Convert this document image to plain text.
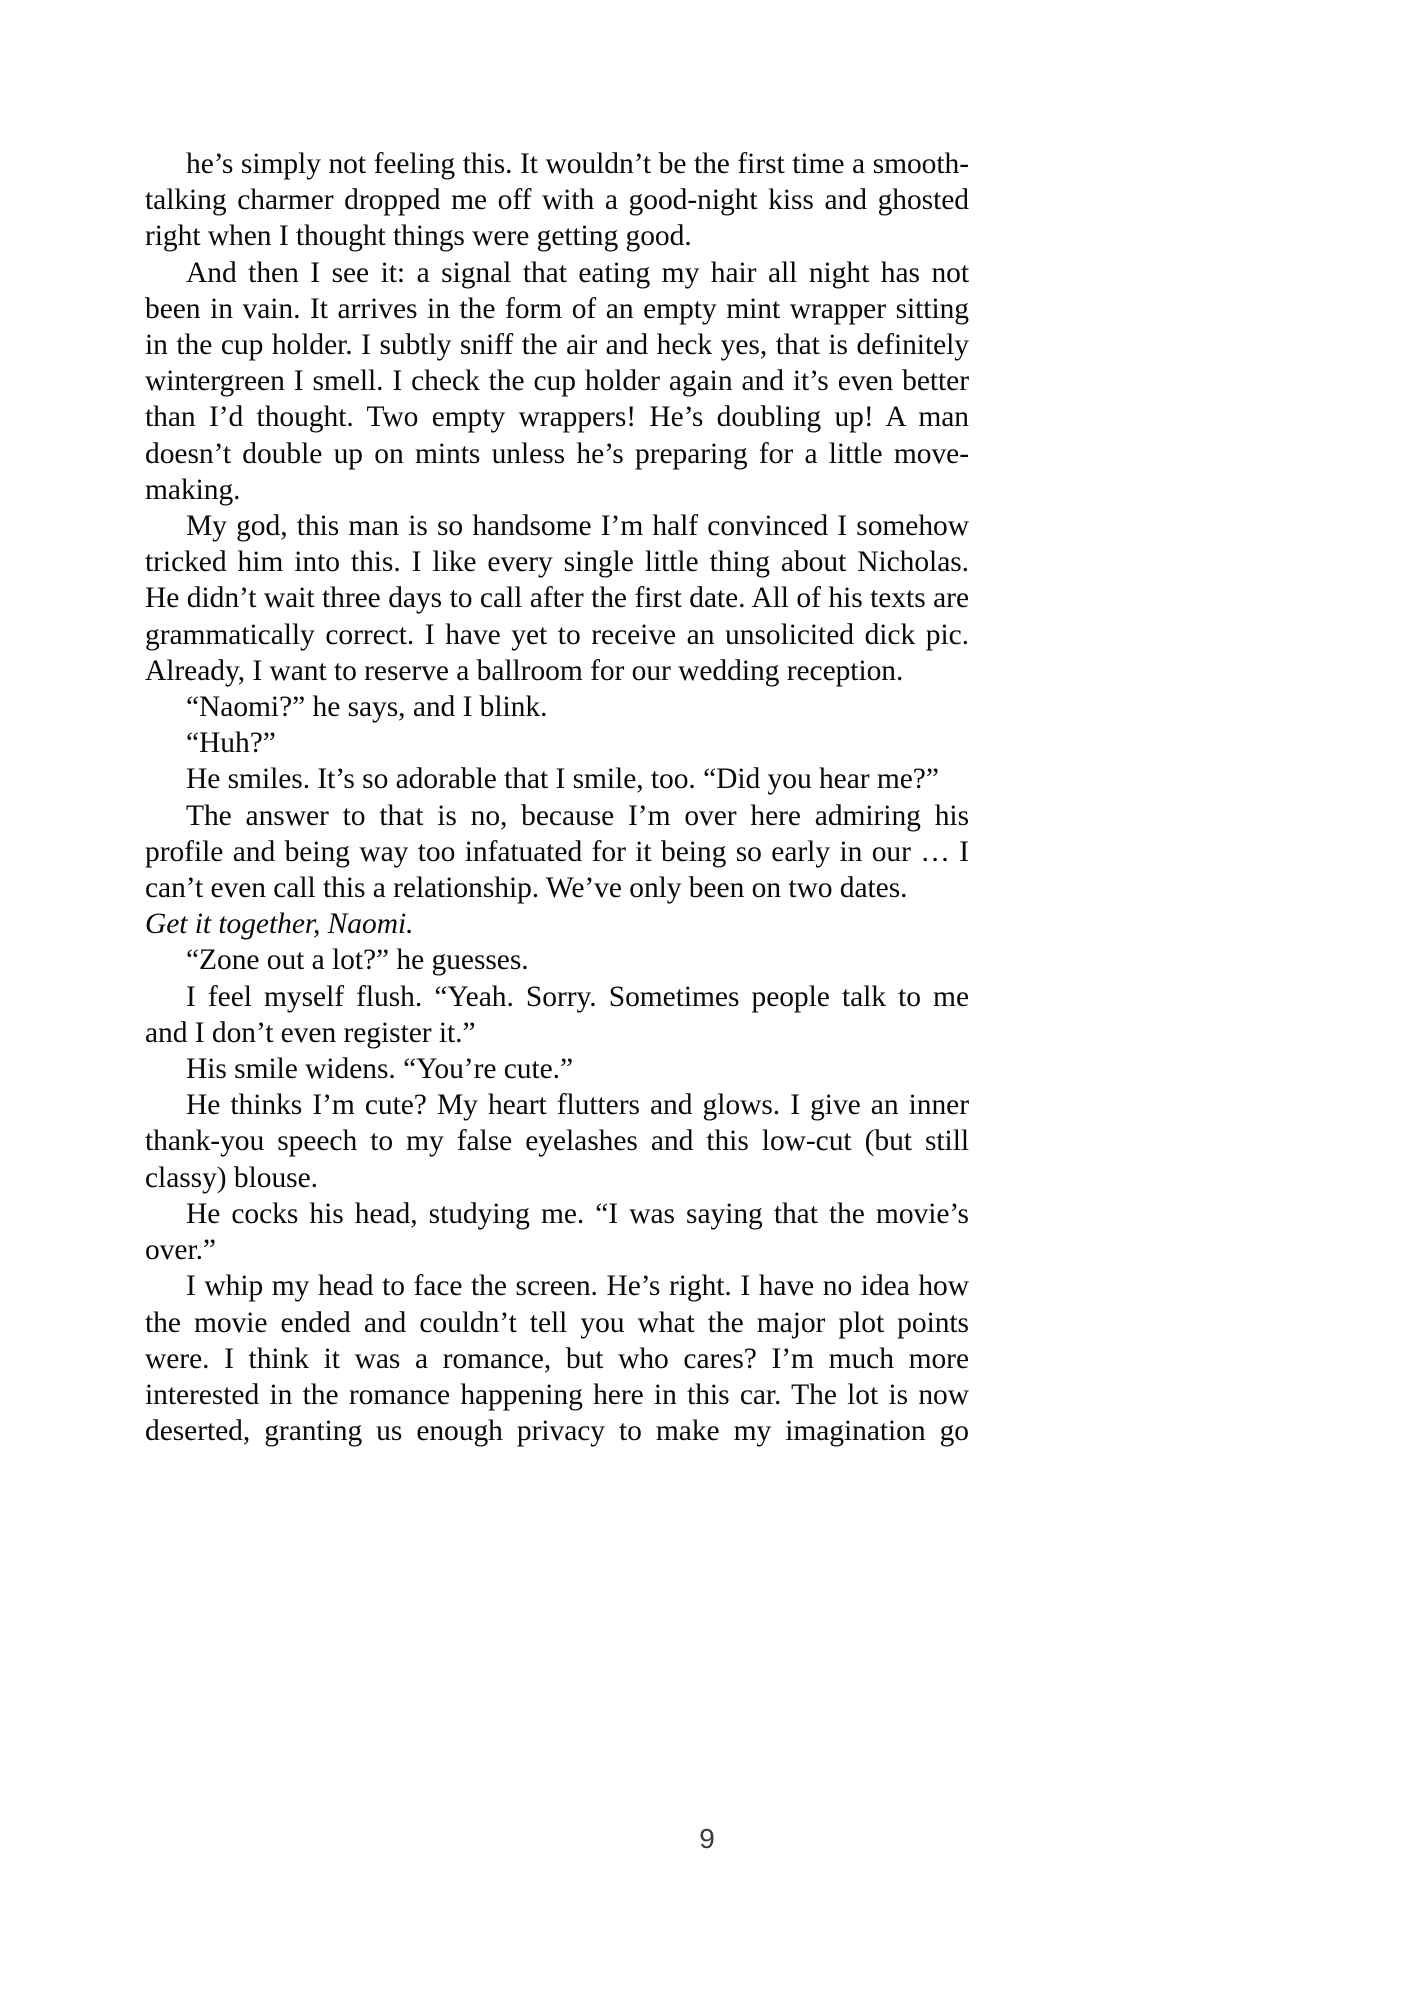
he’s simply not feeling this. It wouldn’t be the first time a smooth-talking charmer dropped me off with a good-night kiss and ghosted right when I thought things were getting good.

And then I see it: a signal that eating my hair all night has not been in vain. It arrives in the form of an empty mint wrapper sitting in the cup holder. I subtly sniff the air and heck yes, that is definitely wintergreen I smell. I check the cup holder again and it’s even better than I’d thought. Two empty wrappers! He’s doubling up! A man doesn’t double up on mints unless he’s preparing for a little move-making.

My god, this man is so handsome I’m half convinced I somehow tricked him into this. I like every single little thing about Nicholas. He didn’t wait three days to call after the first date. All of his texts are grammatically correct. I have yet to receive an unsolicited dick pic. Already, I want to reserve a ballroom for our wedding reception.

“Naomi?” he says, and I blink.

“Huh?”

He smiles. It’s so adorable that I smile, too. “Did you hear me?”

The answer to that is no, because I’m over here admiring his profile and being way too infatuated for it being so early in our … I can’t even call this a relationship. We’ve only been on two dates.

Get it together, Naomi.

“Zone out a lot?” he guesses.

I feel myself flush. “Yeah. Sorry. Sometimes people talk to me and I don’t even register it.”

His smile widens. “You’re cute.”

He thinks I’m cute? My heart flutters and glows. I give an inner thank-you speech to my false eyelashes and this low-cut (but still classy) blouse.

He cocks his head, studying me. “I was saying that the movie’s over.”

I whip my head to face the screen. He’s right. I have no idea how the movie ended and couldn’t tell you what the major plot points were. I think it was a romance, but who cares? I’m much more interested in the romance happening here in this car. The lot is now deserted, granting us enough privacy to make my imagination go

9
